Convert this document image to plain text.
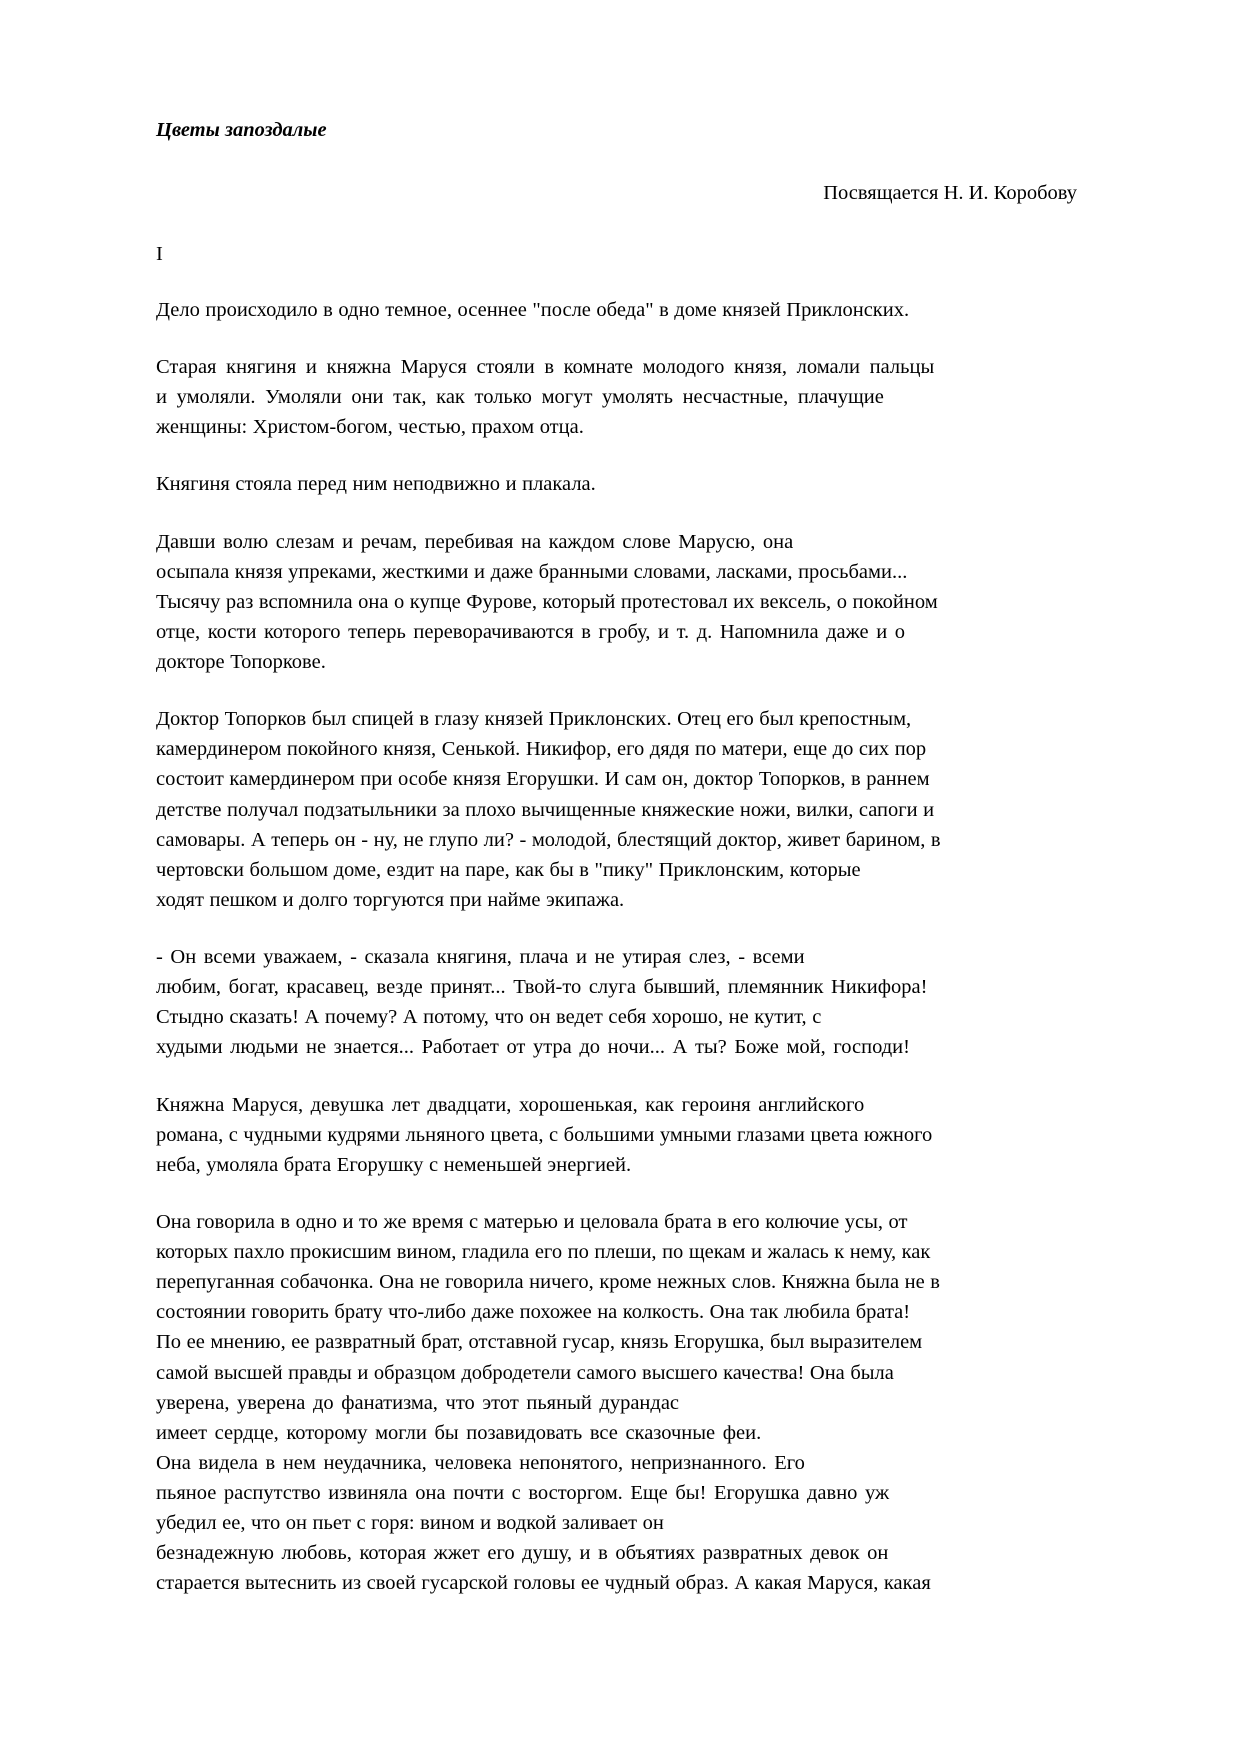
Цветы запоздалые
Посвящается Н. И. Коробову
I
Дело происходило в одно темное, осеннее "после обеда" в доме князей Приклонских.
Старая княгиня и княжна Маруся стояли в комнате молодого князя, ломали пальцы
и умоляли. Умоляли они так, как только могут умолять несчастные, плачущие
женщины: Христом-богом, честью, прахом отца.
Княгиня стояла перед ним неподвижно и плакала.
Давши волю слезам и речам, перебивая на каждом слове Марусю, она
осыпала князя упреками, жесткими и даже бранными словами, ласками, просьбами...
Тысячу раз вспомнила она о купце Фурове, который протестовал их вексель, о покойном
отце, кости которого теперь переворачиваются в гробу, и т. д. Напомнила даже и о
докторе Топоркове.
Доктор Топорков был спицей в глазу князей Приклонских. Отец его был крепостным,
камердинером покойного князя, Сенькой. Никифор, его дядя по матери, еще до сих пор
состоит камердинером при особе князя Егорушки. И сам он, доктор Топорков, в раннем
детстве получал подзатыльники за плохо вычищенные княжеские ножи, вилки, сапоги и
самовары. А теперь он - ну, не глупо ли? - молодой, блестящий доктор, живет барином, в
чертовски большом доме, ездит на паре, как бы в "пику" Приклонским, которые
ходят пешком и долго торгуются при найме экипажа.
- Он всеми уважаем, - сказала княгиня, плача и не утирая слез, - всеми
любим, богат, красавец, везде принят... Твой-то слуга бывший, племянник Никифора!
Стыдно сказать! А почему? А потому, что он ведет себя хорошо, не кутит, с
худыми людьми не знается... Работает от утра до ночи... А ты? Боже мой, господи!
Княжна Маруся, девушка лет двадцати, хорошенькая, как героиня английского
романа, с чудными кудрями льняного цвета, с большими умными глазами цвета южного
неба, умоляла брата Егорушку с неменьшей энергией.
Она говорила в одно и то же время с матерью и целовала брата в его колючие усы, от
которых пахло прокисшим вином, гладила его по плеши, по щекам и жалась к нему, как
перепуганная собачонка. Она не говорила ничего, кроме нежных слов. Княжна была не в
состоянии говорить брату что-либо даже похожее на колкость. Она так любила брата!
По ее мнению, ее развратный брат, отставной гусар, князь Егорушка, был выразителем
самой высшей правды и образцом добродетели самого высшего качества! Она была
уверена, уверена до фанатизма, что этот пьяный дурандас
имеет сердце, которому могли бы позавидовать все сказочные феи.
Она видела в нем неудачника, человека непонятого, непризнанного. Его
пьяное распутство извиняла она почти с восторгом. Еще бы! Егорушка давно уж
убедил ее, что он пьет с горя: вином и водкой заливает он
безнадежную любовь, которая жжет его душу, и в объятиях развратных девок он
старается вытеснить из своей гусарской головы ее чудный образ. А какая Маруся, какая
